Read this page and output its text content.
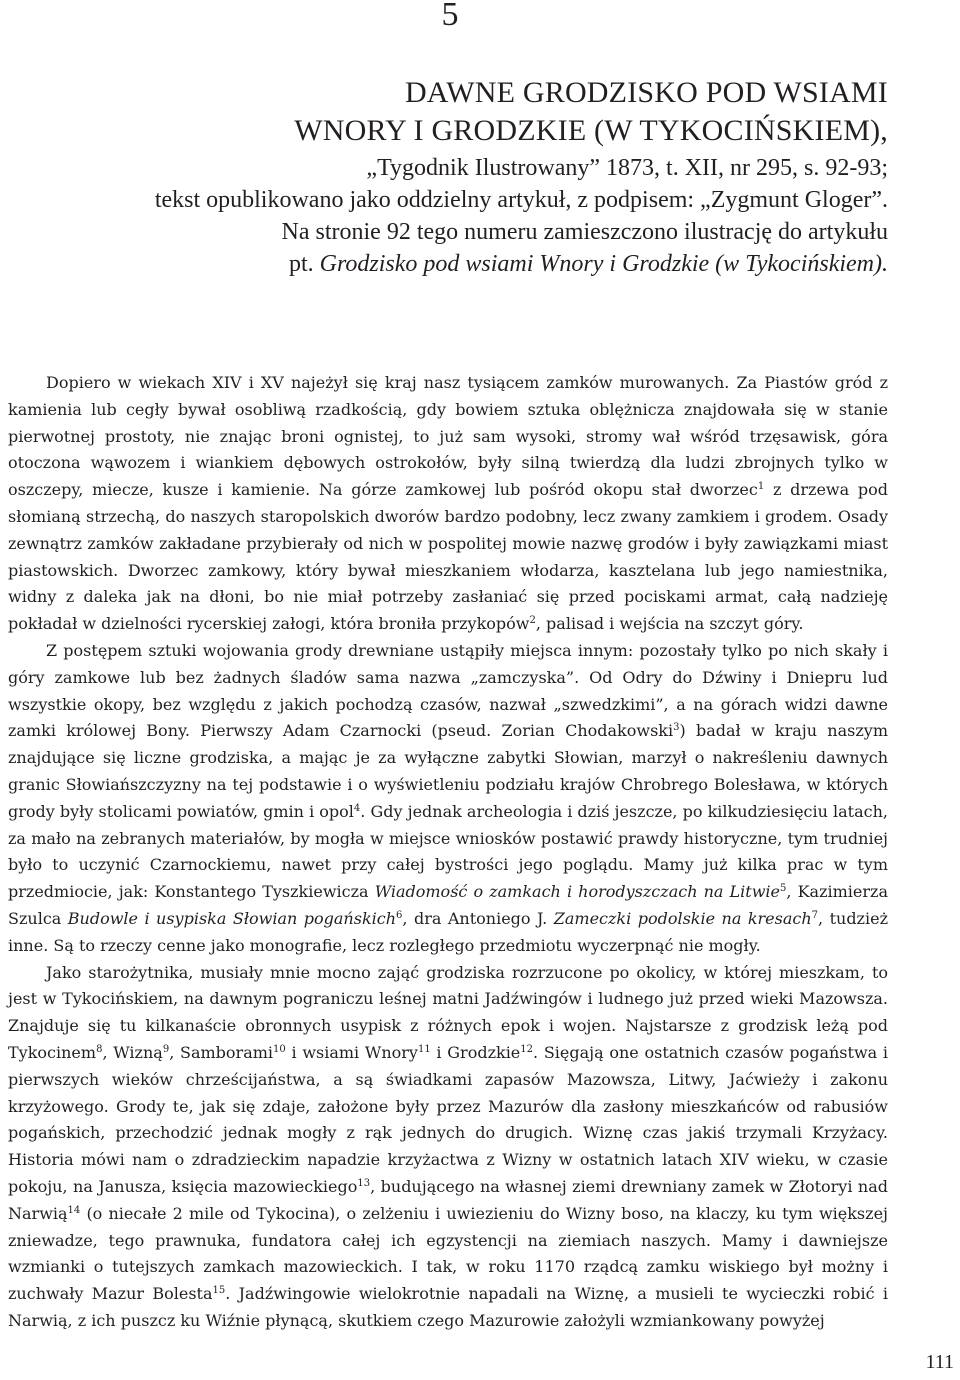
5
DAWNE GRODZISKO POD WSIAMI
WNORY I GRODZKIE (W TYKOCIŃSKIEM),
„Tygodnik Ilustrowany” 1873, t. XII, nr 295, s. 92-93;
tekst opublikowano jako oddzielny artykuł, z podpisem: „Zygmunt Gloger”.
Na stronie 92 tego numeru zamieszczono ilustrację do artykułu
pt. Grodzisko pod wsiami Wnory i Grodzkie (w Tykocińskiem).

Dopiero w wiekach XIV i XV najeżył się kraj nasz tysiącem zamków murowanych. Za Piastów gród z kamienia lub cegły bywał osobliwą rzadkością, gdy bowiem sztuka oblężnicza znajdowała się w stanie pierwotnej prostoty, nie znając broni ognistej, to już sam wysoki, stromy wał wśród trzęsawisk, góra otoczona wąwozem i wiankiem dębowych ostrokołów, były silną twierdzą dla ludzi zbrojnych tylko w oszczepy, miecze, kusze i kamienie. Na górze zamkowej lub pośród okopu stał dworzec$^1$ z drzewa pod słomianą strzechą, do naszych staropolskich dworów bardzo podobny, lecz zwany zamkiem i grodem. Osady zewnątrz zamków zakładane przybierały od nich w pospolitej mowie nazwę grodów i były zawiązkami miast piastowskich. Dworzec zamkowy, który bywał mieszkaniem włodarza, kasztelana lub jego namiestnika, widny z daleka jak na dłoni, bo nie miał potrzeby zasłaniać się przed pociskami armat, całą nadzieję pokładał w dzielności rycerskiej załogi, która broniła przykopów$^2$, palisad i wejścia na szczyt góry.

Z postępem sztuki wojowania grody drewniane ustąpiły miejsca innym: pozostały tylko po nich skały i góry zamkowe lub bez żadnych śladów sama nazwa „zamczyska”. Od Odry do Dźwiny i Dniepru lud wszystkie okopy, bez względu z jakich pochodzą czasów, nazwał „szwedzkimi”, a na górach widzi dawne zamki królowej Bony. Pierwszy Adam Czarnocki (pseud. Zorian Chodakowski$^3$) badał w kraju naszym znajdujące się liczne grodziska, a mając je za wyłączne zabytki Słowian, marzył o nakreśleniu dawnych granic Słowiańszczyzny na tej podstawie i o wyświetleniu podziału krajów Chrobrego Bolesława, w których grody były stolicami powiatów, gmin i opol$^4$. Gdy jednak archeologia i dziś jeszcze, po kilkudziesięciu latach, za mało na zebranych materiałów, by mogła w miejsce wniosków postawić prawdy historyczne, tym trudniej było to uczynić Czarnockiemu, nawet przy całej bystrości jego poglądu. Mamy już kilka prac w tym przedmiocie, jak: Konstantego Tyszkiewicza Wiadomość o zamkach i horodyszczach na Litwie$^5$, Kazimierza Szulca Budowle i usypiska Słowian pogańskich$^6$, dra Antoniego J. Zameczki podolskie na kresach$^7$, tudzież inne. Są to rzeczy cenne jako monografie, lecz rozległego przedmiotu wyczerpnąć nie mogły.

Jako starożytnika, musiały mnie mocno zająć grodziska rozrzucone po okolicy, w której mieszkam, to jest w Tykocińskiem, na dawnym pograniczu leśnej matni Jadźwingów i ludnego już przed wieki Mazowsza. Znajduje się tu kilkanaście obronnych usypisk z różnych epok i wojen. Najstarsze z grodzisk leżą pod Tykocinem$^8$, Wizną$^9$, Samborami$^{10}$ i wsiami Wnory$^{11}$ i Grodzkie$^{12}$. Sięgają one ostatnich czasów pogaństwa i pierwszych wieków chrześcijaństwa, a są świadkami zapasów Mazowsza, Litwy, Jaćwieży i zakonu krzyżowego. Grody te, jak się zdaje, założone były przez Mazurów dla zasłony mieszkańców od rabusiów pogańskich, przechodzić jednak mogły z rąk jednych do drugich. Wiznę czas jakiś trzymali Krzyżacy. Historia mówi nam o zdradzieckim napadzie krzyżactwa z Wizny w ostatnich latach XIV wieku, w czasie pokoju, na Janusza, księcia mazowieckiego$^{13}$, budującego na własnej ziemi drewniany zamek w Złotoryi nad Narwią$^{14}$ (o niecałe 2 mile od Tykocina), o zelżeniu i uwiezieniu do Wizny boso, na klaczy, ku tym większej zniewadze, tego prawnuka, fundatora całej ich egzystencji na ziemiach naszych. Mamy i dawniejsze wzmianki o tutejszych zamkach mazowieckich. I tak, w roku 1170 rządcą zamku wiskiego był możny i zuchwały Mazur Bolesta$^{15}$. Jadźwingowie wielokrotnie napadali na Wiznę, a musieli te wycieczki robić i Narwią, z ich puszcz ku Wiźnie płynącą, skutkiem czego Mazurowie założyli wzmiankowany powyżej

111
